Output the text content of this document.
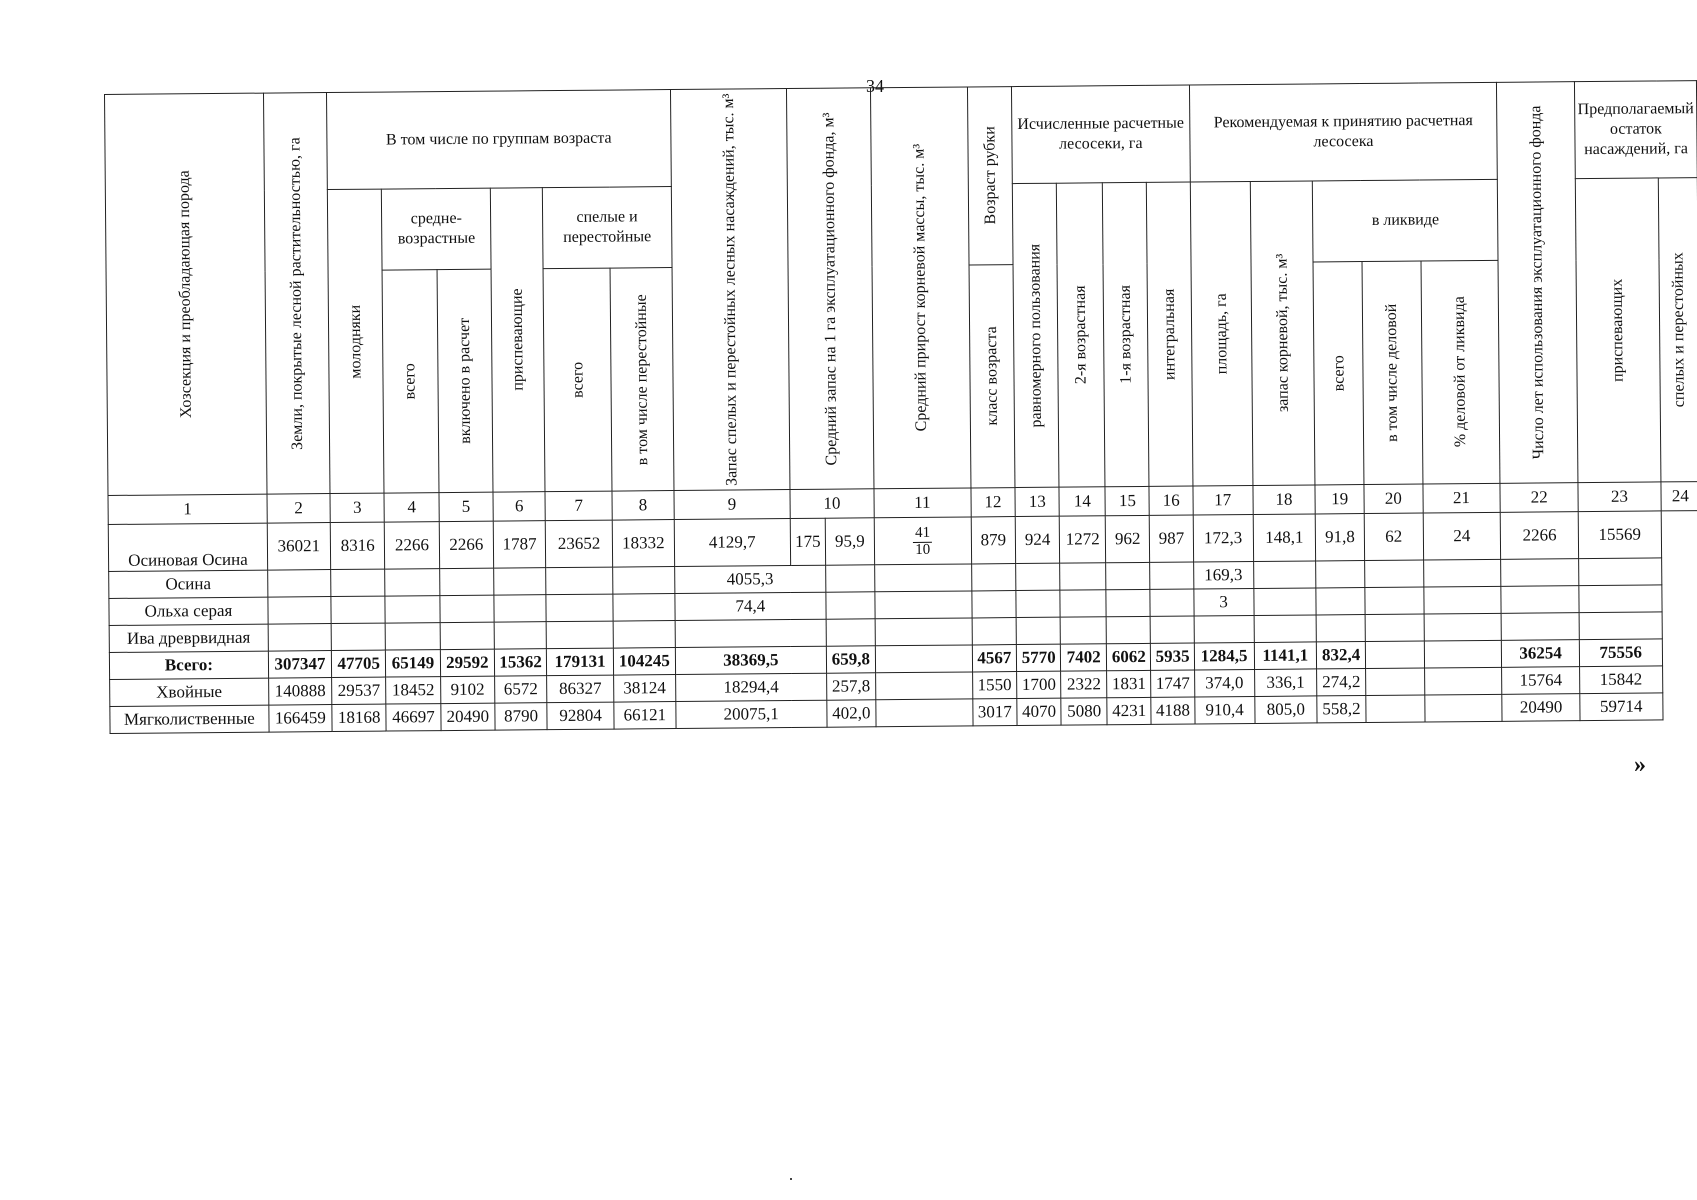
34
Хозсекция и преобладающая порода	Земли, покрытые лесной растительностью, га	В том числе по группам возраста						Запас спелых и перестойных лесных насаждений, тыс. м³	Средний запас на 1 га эксплуатационного фонда, м³		Средний прирост корневой массы, тыс. м³	Возраст рубки	Исчисленные расчетные лесосеки, га				Рекомендуемая к принятию расчетная лесосека					Число лет использования эксплуатационного фонда	Предполагаемый остаток насаждений, га	

		молодняки	средне-возрастные		приспевающие	спелые и перестойные							равномерного пользования	2-я возрастная	1-я возрастная	интегральная	площадь, га	запас корневой, тыс. м³	в ликвиде				приспевающих	спелых и перестойных

			всего	включено в расчет		всего	в том числе перестойные					класс возраста							всего	в том числе деловой	% деловой от ликвида			

1	2	3	4	5	6	7	8	9	10		11	12	13	14	15	16	17	18	19	20	21	22	23	24
Осиновая Осина	36021	8316	2266	2266	1787	23652	18332	4129,7	175	95,9	$\frac{41}{10}$	879	924	1272	962	987	172,3	148,1	91,8	62	24	2266	15569	
Осина								4055,3									169,3							
Ольха серая								74,4									3							
Ива древрвидная																								
Всего:	307347	47705	65149	29592	15362	179131	104245	38369,5		659,8		4567	5770	7402	6062	5935	1284,5	1141,1	832,4			36254	75556	
Хвойные	140888	29537	18452	9102	6572	86327	38124	18294,4		257,8		1550	1700	2322	1831	1747	374,0	336,1	274,2			15764	15842	
Мягколиственные	166459	18168	46697	20490	8790	92804	66121	20075,1		402,0		3017	4070	5080	4231	4188	910,4	805,0	558,2			20490	59714	
»
